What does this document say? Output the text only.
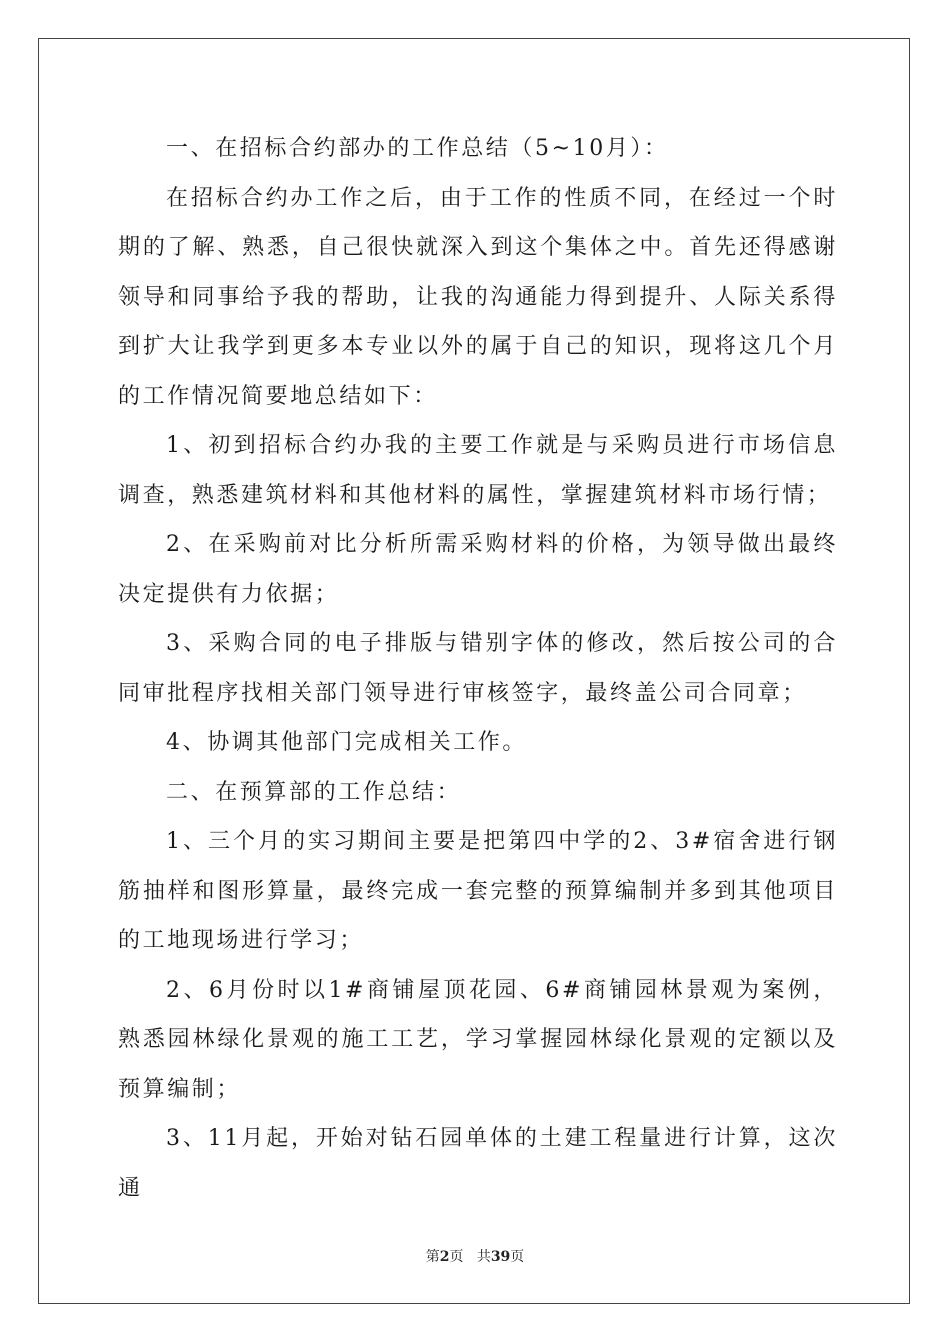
一、在招标合约部办的工作总结（5~10月）：

在招标合约办工作之后，由于工作的性质不同，在经过一个时期的了解、熟悉，自己很快就深入到这个集体之中。首先还得感谢领导和同事给予我的帮助，让我的沟通能力得到提升、人际关系得到扩大让我学到更多本专业以外的属于自己的知识，现将这几个月的工作情况简要地总结如下：

1、初到招标合约办我的主要工作就是与采购员进行市场信息调查，熟悉建筑材料和其他材料的属性，掌握建筑材料市场行情；

2、在采购前对比分析所需采购材料的价格，为领导做出最终决定提供有力依据；

3、采购合同的电子排版与错别字体的修改，然后按公司的合同审批程序找相关部门领导进行审核签字，最终盖公司合同章；

4、协调其他部门完成相关工作。

二、在预算部的工作总结：

1、三个月的实习期间主要是把第四中学的2、3#宿舍进行钢筋抽样和图形算量，最终完成一套完整的预算编制并多到其他项目的工地现场进行学习；

2、6月份时以1#商铺屋顶花园、6#商铺园林景观为案例，熟悉园林绿化景观的施工工艺，学习掌握园林绿化景观的定额以及预算编制；

3、11月起，开始对钻石园单体的土建工程量进行计算，这次通

第2页 共39页
